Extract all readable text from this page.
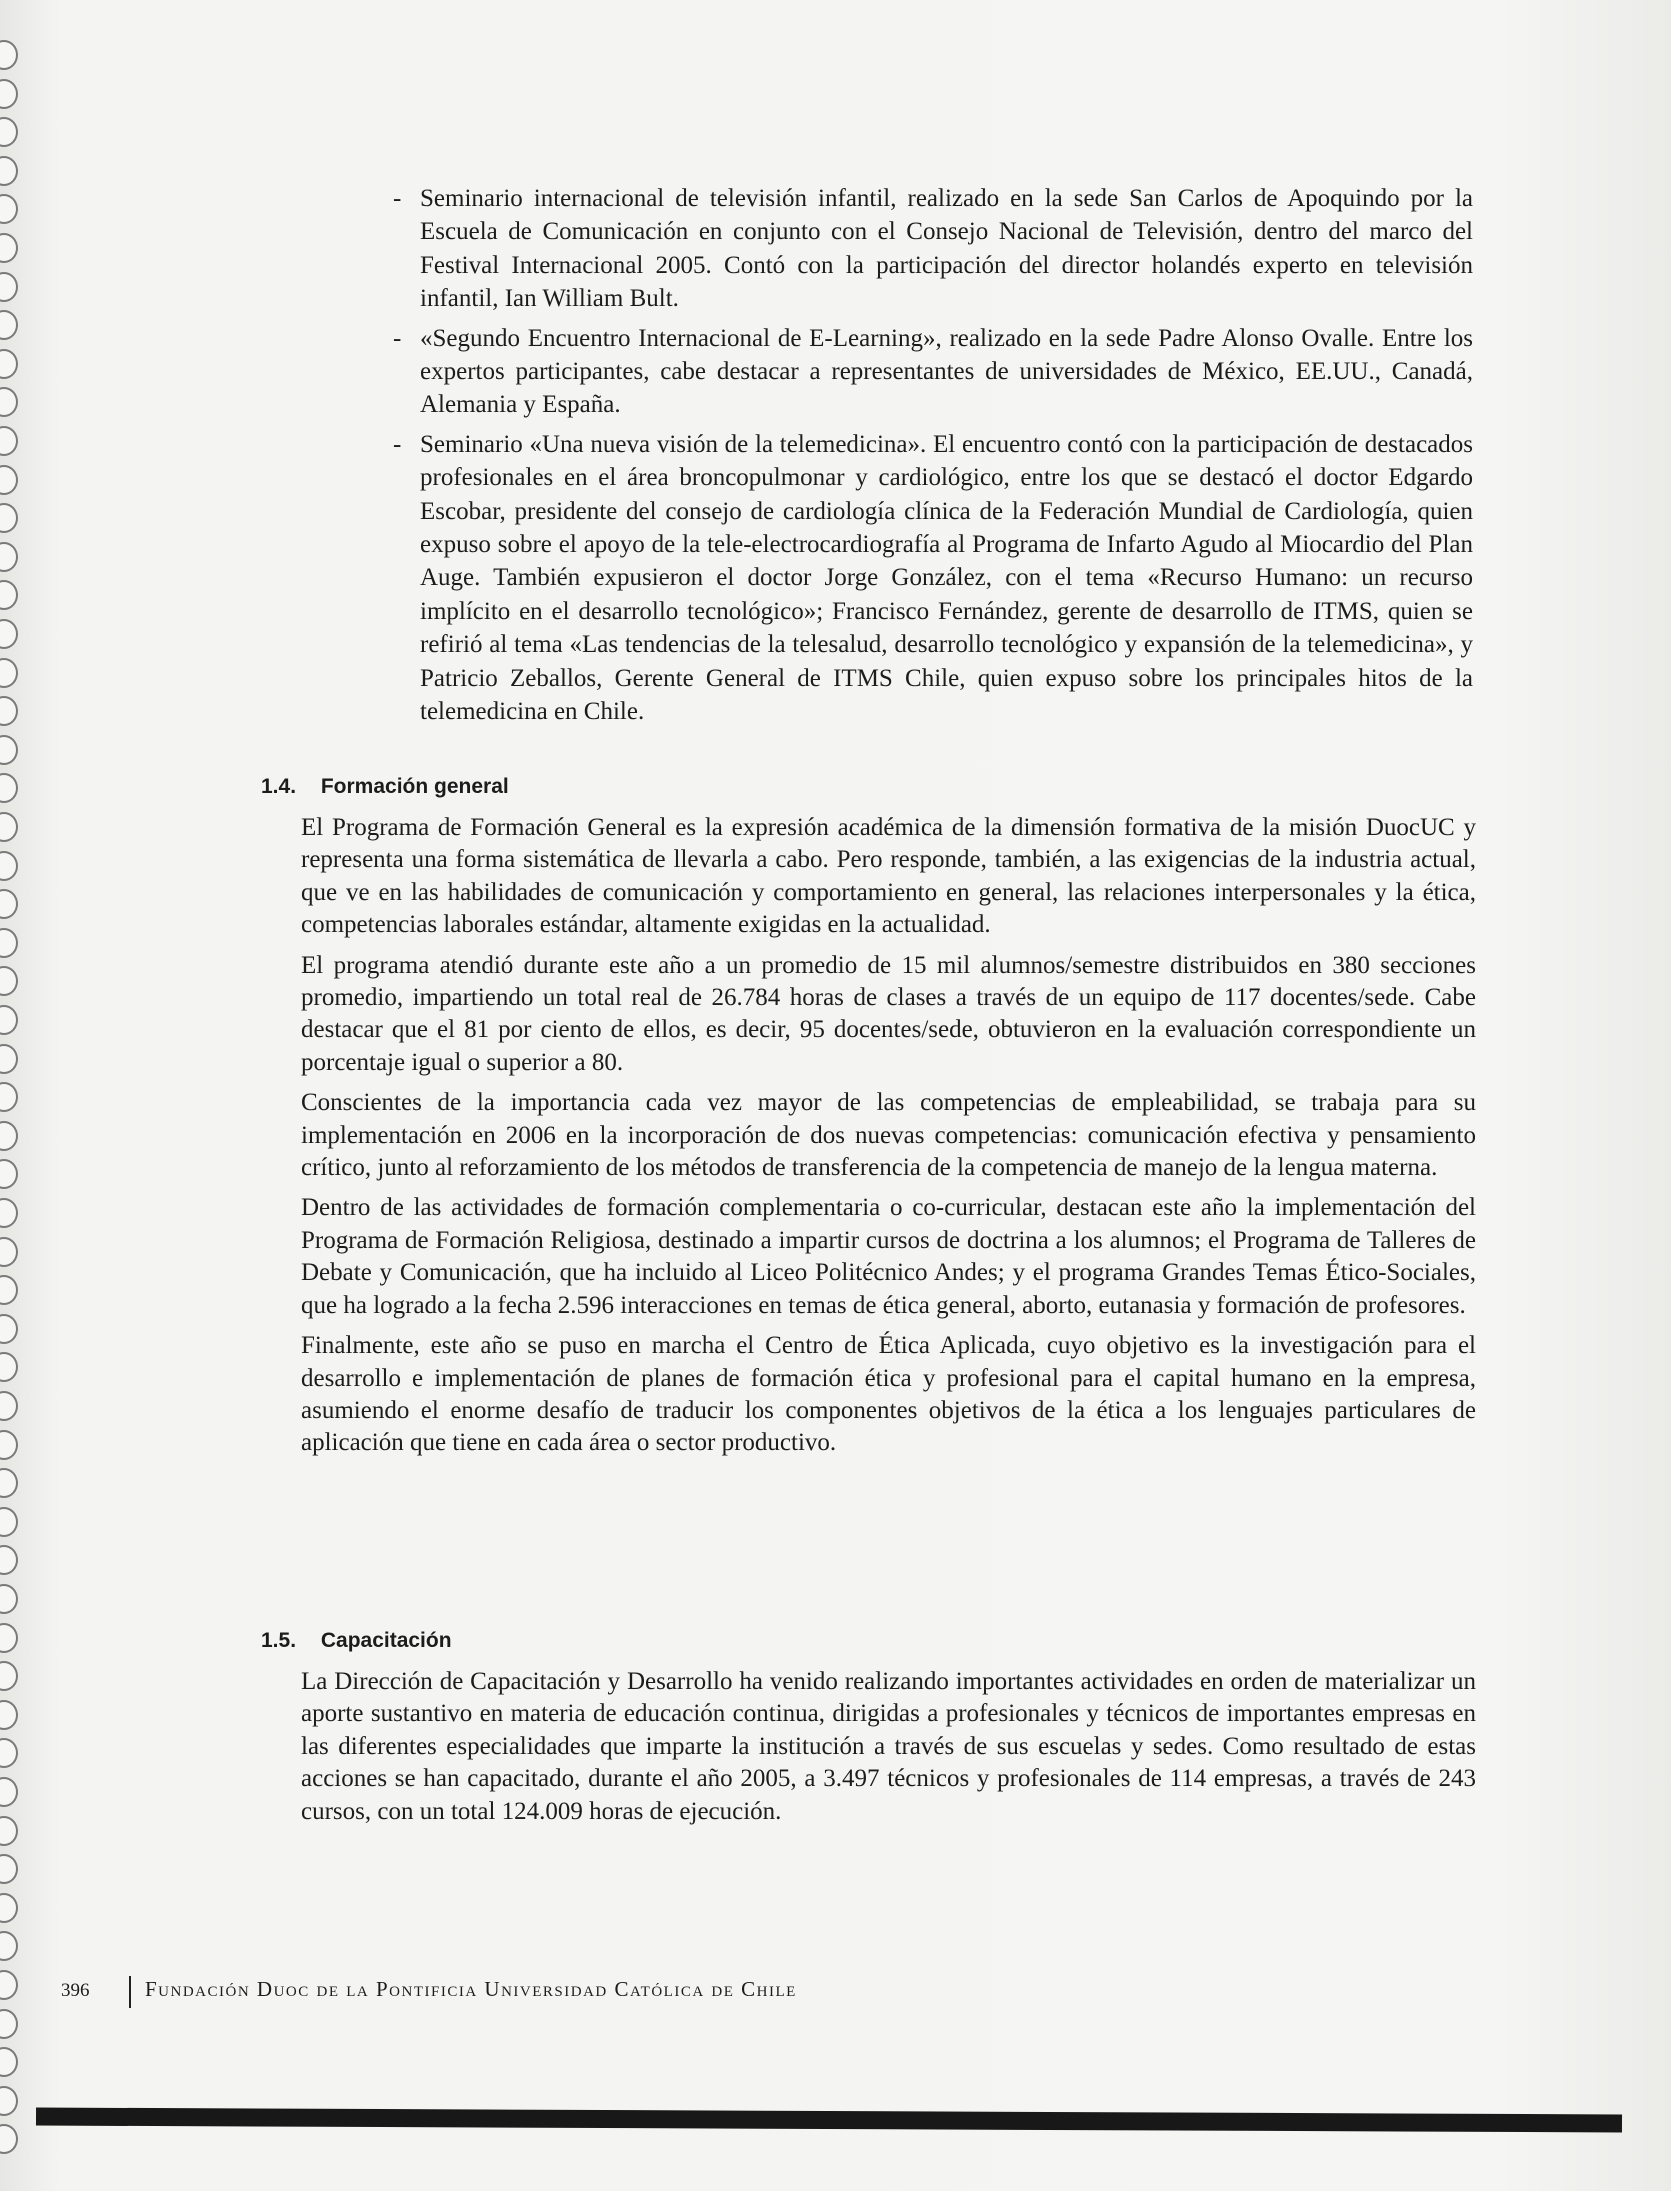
- Seminario internacional de televisión infantil, realizado en la sede San Carlos de Apoquindo por la Escuela de Comunicación en conjunto con el Consejo Nacional de Televisión, dentro del marco del Festival Internacional 2005. Contó con la participación del director holandés experto en televisión infantil, Ian William Bult.
- «Segundo Encuentro Internacional de E-Learning», realizado en la sede Padre Alonso Ovalle. Entre los expertos participantes, cabe destacar a representantes de universidades de México, EE.UU., Canadá, Alemania y España.
- Seminario «Una nueva visión de la telemedicina». El encuentro contó con la participación de destacados profesionales en el área broncopulmonar y cardiológico, entre los que se destacó el doctor Edgardo Escobar, presidente del consejo de cardiología clínica de la Federación Mundial de Cardiología, quien expuso sobre el apoyo de la tele-electrocardiografía al Programa de Infarto Agudo al Miocardio del Plan Auge. También expusieron el doctor Jorge González, con el tema «Recurso Humano: un recurso implícito en el desarrollo tecnológico»; Francisco Fernández, gerente de desarrollo de ITMS, quien se refirió al tema «Las tendencias de la telesalud, desarrollo tecnológico y expansión de la telemedicina», y Patricio Zeballos, Gerente General de ITMS Chile, quien expuso sobre los principales hitos de la telemedicina en Chile.
1.4. Formación general

El Programa de Formación General es la expresión académica de la dimensión formativa de la misión DuocUC y representa una forma sistemática de llevarla a cabo. Pero responde, también, a las exigencias de la industria actual, que ve en las habilidades de comunicación y comportamiento en general, las relaciones interpersonales y la ética, competencias laborales estándar, altamente exigidas en la actualidad.

El programa atendió durante este año a un promedio de 15 mil alumnos/semestre distribuidos en 380 secciones promedio, impartiendo un total real de 26.784 horas de clases a través de un equipo de 117 docentes/sede. Cabe destacar que el 81 por ciento de ellos, es decir, 95 docentes/sede, obtuvieron en la evaluación correspondiente un porcentaje igual o superior a 80.

Conscientes de la importancia cada vez mayor de las competencias de empleabilidad, se trabaja para su implementación en 2006 en la incorporación de dos nuevas competencias: comunicación efectiva y pensamiento crítico, junto al reforzamiento de los métodos de transferencia de la competencia de manejo de la lengua materna.

Dentro de las actividades de formación complementaria o co-curricular, destacan este año la implementación del Programa de Formación Religiosa, destinado a impartir cursos de doctrina a los alumnos; el Programa de Talleres de Debate y Comunicación, que ha incluido al Liceo Politécnico Andes; y el programa Grandes Temas Ético-Sociales, que ha logrado a la fecha 2.596 interacciones en temas de ética general, aborto, eutanasia y formación de profesores.

Finalmente, este año se puso en marcha el Centro de Ética Aplicada, cuyo objetivo es la investigación para el desarrollo e implementación de planes de formación ética y profesional para el capital humano en la empresa, asumiendo el enorme desafío de traducir los componentes objetivos de la ética a los lenguajes particulares de aplicación que tiene en cada área o sector productivo.

1.5. Capacitación

La Dirección de Capacitación y Desarrollo ha venido realizando importantes actividades en orden de materializar un aporte sustantivo en materia de educación continua, dirigidas a profesionales y técnicos de importantes empresas en las diferentes especialidades que imparte la institución a través de sus escuelas y sedes. Como resultado de estas acciones se han capacitado, durante el año 2005, a 3.497 técnicos y profesionales de 114 empresas, a través de 243 cursos, con un total 124.009 horas de ejecución.

396	Fundación Duoc de la Pontificia Universidad Católica de Chile
